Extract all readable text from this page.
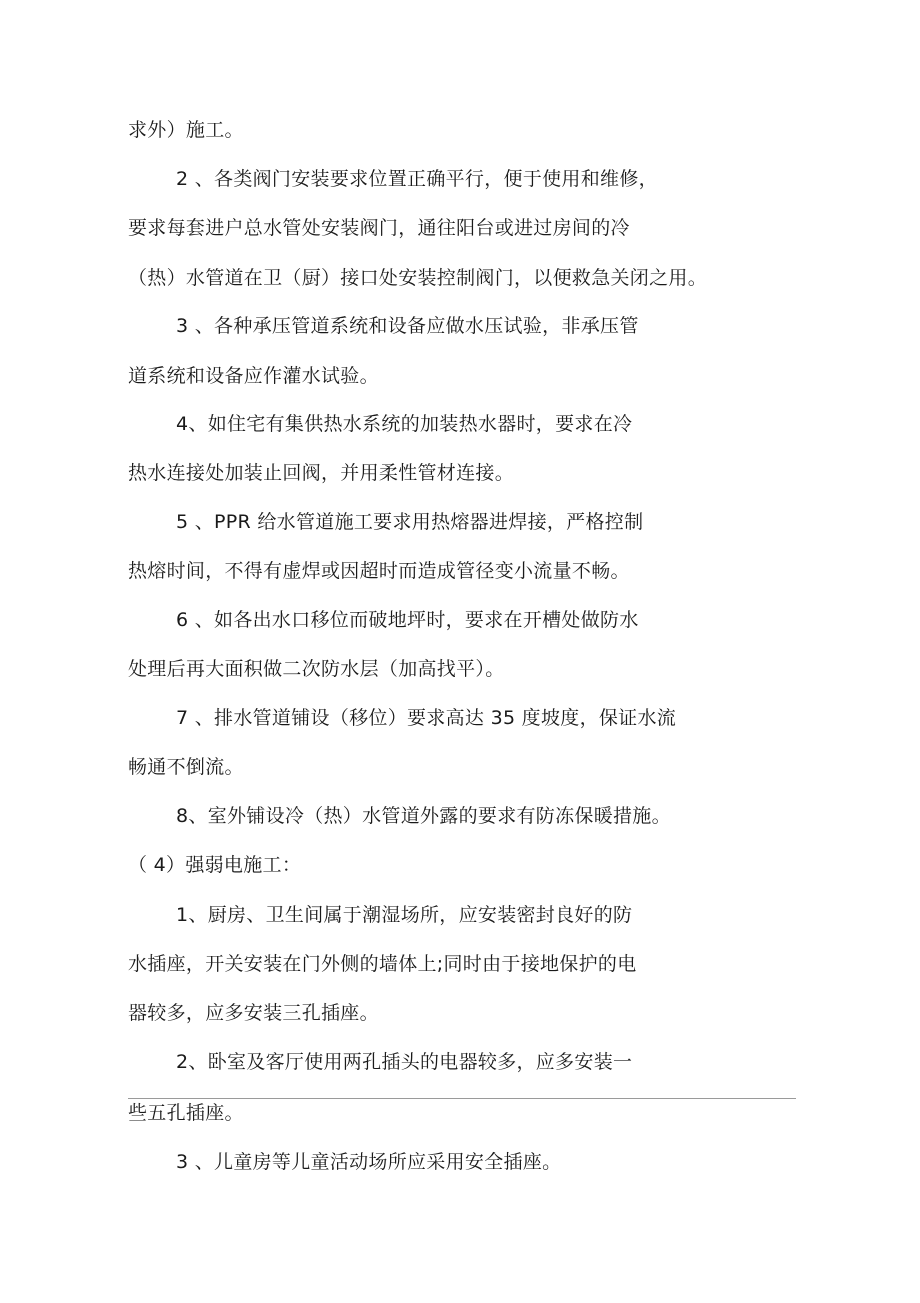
求外）施工。
2 、各类阀门安装要求位置正确平行，便于使用和维修，
要求每套进户总水管处安装阀门，通往阳台或进过房间的冷
（热）水管道在卫（厨）接口处安装控制阀门，以便救急关闭之用。
3 、各种承压管道系统和设备应做水压试验，非承压管
道系统和设备应作灌水试验。
4、如住宅有集供热水系统的加装热水器时，要求在冷
热水连接处加装止回阀，并用柔性管材连接。
5 、PPR 给水管道施工要求用热熔器进焊接，严格控制
热熔时间，不得有虚焊或因超时而造成管径变小流量不畅。
6 、如各出水口移位而破地坪时，要求在开槽处做防水
处理后再大面积做二次防水层（加高找平）。
7 、排水管道铺设（移位）要求高达 35 度坡度，保证水流
畅通不倒流。
8、室外铺设冷（热）水管道外露的要求有防冻保暖措施。
（ 4）强弱电施工：
1、厨房、卫生间属于潮湿场所，应安装密封良好的防
水插座，开关安装在门外侧的墙体上;同时由于接地保护的电
器较多，应多安装三孔插座。
2、卧室及客厅使用两孔插头的电器较多，应多安装一
些五孔插座。
3 、儿童房等儿童活动场所应采用安全插座。
